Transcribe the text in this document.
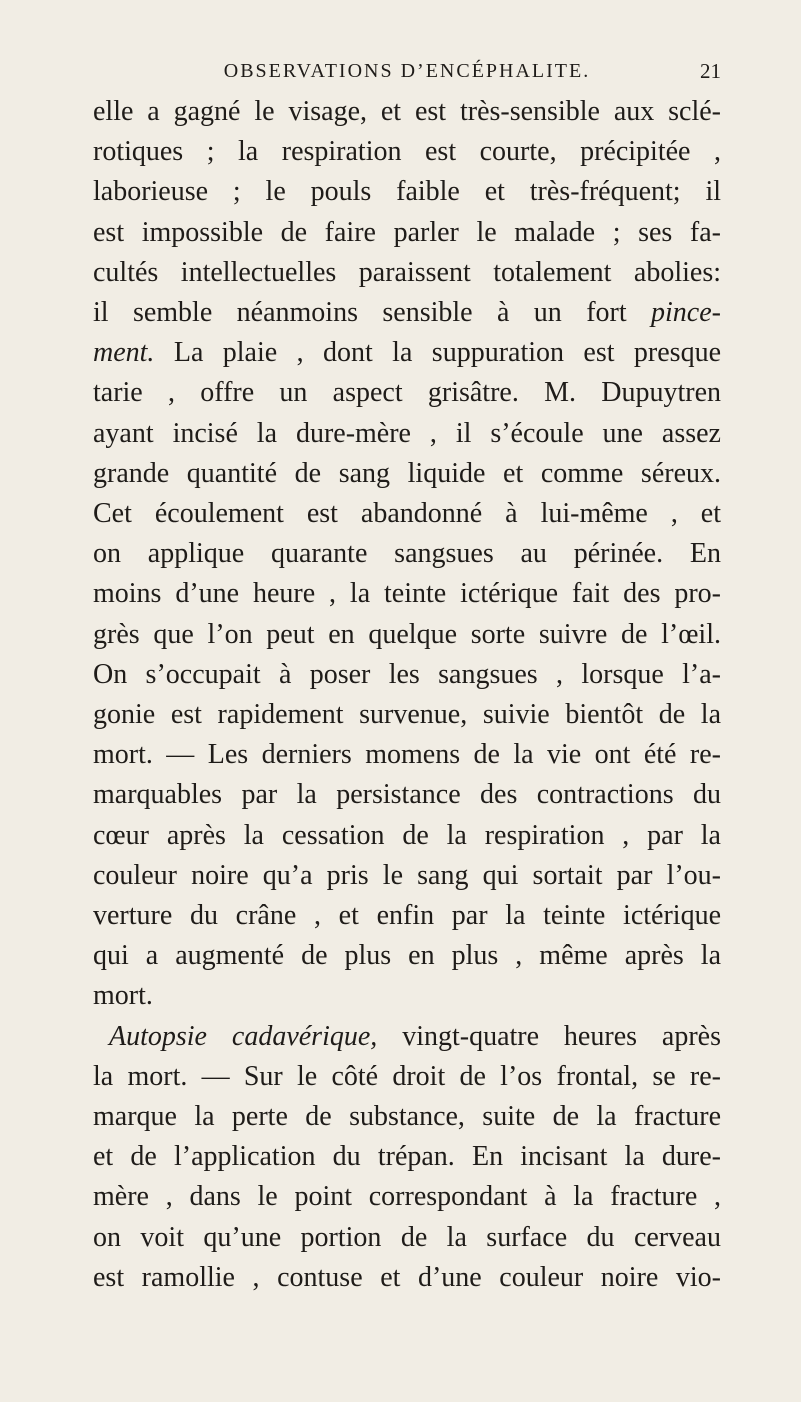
OBSERVATIONS D’ENCÉPHALITE.	21
elle a gagné le visage, et est très-sensible aux sclé-
rotiques ; la respiration est courte, précipitée ,
laborieuse ; le pouls faible et très-fréquent; il
est impossible de faire parler le malade ; ses fa-
cultés intellectuelles paraissent totalement abolies:
il semble néanmoins sensible à un fort pince-
ment. La plaie , dont la suppuration est presque
tarie , offre un aspect grisâtre. M. Dupuytren
ayant incisé la dure-mère , il s’écoule une assez
grande quantité de sang liquide et comme séreux.
Cet écoulement est abandonné à lui-même , et
on applique quarante sangsues au périnée. En
moins d’une heure , la teinte ictérique fait des pro-
grès que l’on peut en quelque sorte suivre de l’œil.
On s’occupait à poser les sangsues , lorsque l’a-
gonie est rapidement survenue, suivie bientôt de la
mort. — Les derniers momens de la vie ont été re-
marquables par la persistance des contractions du
cœur après la cessation de la respiration , par la
couleur noire qu’a pris le sang qui sortait par l’ou-
verture du crâne , et enfin par la teinte ictérique
qui a augmenté de plus en plus , même après la
mort.
Autopsie cadavérique, vingt-quatre heures après
la mort. — Sur le côté droit de l’os frontal, se re-
marque la perte de substance, suite de la fracture
et de l’application du trépan. En incisant la dure-
mère , dans le point correspondant à la fracture ,
on voit qu’une portion de la surface du cerveau
est ramollie , contuse et d’une couleur noire vio-
